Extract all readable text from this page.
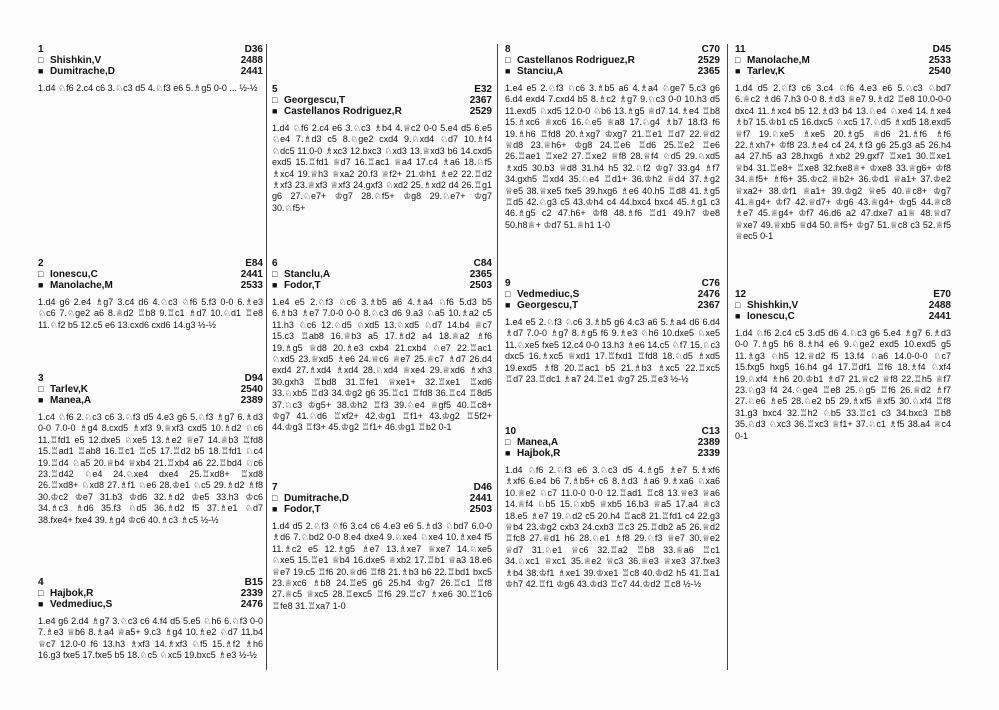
1	D36
□ Shishkin,V	2488
■ Dumitrache,D	2441
1.d4 ♘f6 2.c4 c6 3.♘c3 d5 4.♘f3 e6 5.♗g5 0-0 ... ½-½
2	E84
□ Ionescu,C	2441
■ Manolache,M	2533
1.d4 g6 2.e4 ♗g7 3.c4 d6 4.♘c3 ♘f6 5.f3 0-0 6.♗e3 ♘c6 7.♘ge2 a6 8.♕d2 ♖b8 9.♖c1 ♗d7 10.♘d1 ♖e8 11.♘f2 b5 12.c5 e6 13.cxd6 cxd6 14.g3 ½-½
3	D94
□ Tarlev,K	2540
■ Manea,A	2389
1.c4 ♘f6 2.♘c3 c6 3.♘f3 d5 4.e3 g6 5.♘f3 ♗g7 6.♗d3 0-0 7.0-0 ♗g4 8.cxd5 ♗xf3 9.♕xf3 cxd5 10.♗d2 ♘c6 11.♖fd1 e5 12.dxe5 ♘xe5 13.♗e2 ♕e7 14.♕b3 ♖fd8 15.♖ad1 ♖ab8 16.♖c1 ♖c5 17.♖d2 b5 18.♖fd1 ♘c4 19.♖d4 ♘a5 20.♕b4 ♕xb4 21.♖xb4 a6 22.♖bd4 ♘c6 23.♖d42 ♘e4 24.♘xe4 dxe4 25.♖xd8+ ♖xd8 26.♖xd8+ ♘xd8 27.♗f1 ♘e6 28.♔e1 ♘c5 29.♗d2 ♗f8 30.♔c2 ♔e7 31.b3 ♔d6 32.♗d2 ♔e5 33.h3 ♔c6 34.♗c3 ♗d6 35.f3 ♘d5 36.♗d2 f5 37.♗e1 ♘d7 38.fxe4+ fxe4 39.♗g4 ♔c6 40.♗c3 ♗c5 ½-½
4	B15
□ Hajbok,R	2339
■ Vedmediuc,S	2476
1.e4 g6 2.d4 ♗g7 3.♘c3 c6 4.f4 d5 5.e5 ♘h6 6.♘f3 0-0 7.♗e3 ♕b6 8.♗a4 ♕a5+ 9.c3 ♗g4 10.♗e2 ♘d7 11.b4 ♕c7 12.0-0 f6 13.h3 ♗xf3 14.♗xf3 ♘f5 15.♗f2 ♗h6 16.g3 fxe5 17.fxe5 b5 18.♘c5 ♘xc5 19.bxc5 ♗e3 ½-½
5	E32
□ Georgescu,T	2367
■ Castellanos Rodriguez,R	2529
1.d4 ♘f6 2.c4 e6 3.♘c3 ♗b4 4.♕c2 0-0 5.e4 d5 6.e5 ♘e4 7.♗d3 c5 8.♘ge2 cxd4 9.♘xd4 ♘d7 10.♗f4 ♘dc5 11.0-0 ♗xc3 12.bxc3 ♘xd3 13.♕xd3 b6 14.cxd5 exd5 15.♖fd1 ♕d7 16.♖ac1 ♕a4 17.c4 ♗a6 18.♘f5 ♗xc4 19.♕h3 ♕xa2 20.f3 ♕f2+ 21.♔h1 ♗e2 22.♖d2 ♗xf3 23.♕xf3 ♕xf3 24.gxf3 ♘xd2 25.♗xd2 d4 26.♖g1 g6 27.♘e7+ ♔g7 28.♘f5+ ♔g8 29.♘e7+ ♔g7 30.♘f5+
6	C84
□ Stanclu,A	2365
■ Fodor,T	2503
1.e4 e5 2.♘f3 ♘c6 3.♗b5 a6 4.♗a4 ♘f6 5.d3 b5 6.♗b3 ♗e7 7.0-0 0-0 8.♘c3 d6 9.a3 ♘a5 10.♗a2 c5 11.h3 ♘c6 12.♘d5 ♘xd5 13.♘xd5 ♘d7 14.b4 ♕c7 15.c3 ♖ab8 16.♕b3 a5 17.♗d2 a4 18.♕a2 ♗f6 19.♗g5 ♕d8 20.♗e3 cxb4 21.cxb4 ♘e7 22.♖ac1 ♘xd5 23.♕xd5 ♗e6 24.♕c6 ♕e7 25.♕c7 ♗d7 26.d4 exd4 27.♗xd4 ♗xd4 28.♘xd4 ♕xe4 29.♕xd6 ♗xh3 30.gxh3 ♖bd8 31.♖fe1 ♕xe1+ 32.♖xe1 ♖xd6 33.♘xb5 ♖d3 34.♔g2 g6 35.♖c1 ♖fd8 36.♖c4 ♖8d5 37.♘c3 ♔g5+ 38.♔h2 ♖f3 39.♘e4 ♕gf5 40.♖c8+ ♔g7 41.♘d6 ♖xf2+ 42.♔g1 ♖f1+ 43.♔g2 ♖5f2+ 44.♔g3 ♖f3+ 45.♔g2 ♖f1+ 46.♔g1 ♖b2 0-1
7	D46
□ Dumitrache,D	2441
■ Fodor,T	2503
1.d4 d5 2.♘f3 ♘f6 3.c4 c6 4.e3 e6 5.♗d3 ♘bd7 6.0-0 ♗d6 7.♘bd2 0-0 8.e4 dxe4 9.♘xe4 ♘xe4 10.♗xe4 f5 11.♗c2 e5 12.♗g5 ♗e7 13.♗xe7 ♕xe7 14.♘xe5 ♘xe5 15.♖e1 ♕b4 16.dxe5 ♕xb2 17.♖b1 ♕a3 18.e6 ♕e7 19.c5 ♖f6 20.♕d6 ♖f8 21.♗b3 b6 22.♖bd1 bxc5 23.♕xc6 ♗b8 24.♖e5 g6 25.h4 ♔g7 26.♖c1 ♖f8 27.♕c5 ♕xc5 28.♖exc5 ♖f6 29.♖c7 ♗xe6 30.♖1c6 ♖fe8 31.♖xa7 1-0
8	C70
□ Castellanos Rodriguez,R	2529
■ Stanciu,A	2365
1.e4 e5 2.♘f3 ♘c6 3.♗b5 a6 4.♗a4 ♘ge7 5.c3 g6 6.d4 exd4 7.cxd4 b5 8.♗c2 ♗g7 9.♘c3 0-0 10.h3 d5 11.exd5 ♘xd5 12.0-0 ♘b6 13.♗g5 ♕d7 14.♗e4 ♖b8 15.♗xc6 ♕xc6 16.♘e5 ♕a8 17.♘g4 ♗b7 18.f3 f6 19.♗h6 ♖fd8 20.♗xg7 ♔xg7 21.♖e1 ♖d7 22.♕d2 ♕d8 23.♕h6+ ♔g8 24.♖e6 ♖d6 25.♖e2 ♖e6 26.♖ae1 ♖xe2 27.♖xe2 ♕f8 28.♕f4 ♘d5 29.♘xd5 ♗xd5 30.b3 ♕d8 31.h4 h5 32.♘f2 ♔g7 33.g4 ♗f7 34.gxh5 ♖xd4 35.♘e4 ♖d1+ 36.♔h2 ♕d4 37.♗g2 ♕e5 38.♕xe5 fxe5 39.hxg6 ♗e6 40.h5 ♖d8 41.♗g5 ♖d5 42.♘g3 c5 43.♔h4 c4 44.bxc4 bxc4 45.♗g1 c3 46.♗g5 c2 47.h6+ ♔f8 48.♗f6 ♖d1 49.h7 ♔e8 50.h8♕+ ♔d7 51.♕h1 1-0
9	C76
□ Vedmediuc,S	2476
■ Georgescu,T	2367
1.e4 e5 2.♘f3 ♘c6 3.♗b5 g6 4.c3 a6 5.♗a4 d6 6.d4 ♗d7 7.0-0 ♗g7 8.♗g5 f6 9.♗e3 ♘h6 10.dxe5 ♘xe5 11.♘xe5 fxe5 12.c4 0-0 13.h3 ♗e6 14.c5 ♘f7 15.♘c3 dxc5 16.♗xc5 ♕xd1 17.♖fxd1 ♖fd8 18.♘d5 ♗xd5 19.exd5 ♗f8 20.♖ac1 b5 21.♗b3 ♗xc5 22.♖xc5 ♖d7 23.♖dc1 ♗a7 24.♖e1 ♔g7 25.♖e3 ½-½
10	C13
□ Manea,A	2389
■ Hajbok,R	2339
1.d4 ♘f6 2.♘f3 e6 3.♘c3 d5 4.♗g5 ♗e7 5.♗xf6 ♗xf6 6.e4 b6 7.♗b5+ c6 8.♗d3 ♗a6 9.♗xa6 ♘xa6 10.♕e2 ♘c7 11.0-0 0-0 12.♖ad1 ♖c8 13.♕e3 ♕a6 14.♕f4 ♘b5 15.♘xb5 ♕xb5 16.b3 ♕a5 17.a4 ♕c3 18.e5 ♗e7 19.♘d2 c5 20.h4 ♖ac8 21.♖fd1 c4 22.g3 ♕b4 23.♔g2 cxb3 24.cxb3 ♖c3 25.♖db2 a5 26.♕d2 ♖fc8 27.♕d1 h6 28.♘e1 ♗f8 29.♘f3 ♕e7 30.♕e2 ♕d7 31.♘e1 ♕c6 32.♖a2 ♖b8 33.♕a6 ♖c1 34.♘xc1 ♕xc1 35.♕e2 ♕c3 36.♕e3 ♕xe3 37.fxe3 ♗b4 38.♔f1 ♗xe1 39.♔xe1 ♖c8 40.♔d2 h5 41.♖a1 ♔h7 42.♖f1 ♔g6 43.♔d3 ♖c7 44.♔d2 ♖c8 ½-½
11	D45
□ Manolache,M	2533
■ Tarlev,K	2540
1.d4 d5 2.♘f3 c6 3.c4 ♘f6 4.e3 e6 5.♘c3 ♘bd7 6.♕c2 ♗d6 7.h3 0-0 8.♗d3 ♕e7 9.♗d2 ♖e8 10.0-0-0 dxc4 11.♗xc4 b5 12.♗d3 b4 13.♘e4 ♘xe4 14.♗xe4 ♗b7 15.♔b1 c5 16.dxc5 ♘xc5 17.♘d5 ♗xd5 18.exd5 ♕f7 19.♘xe5 ♗xe5 20.♗g5 ♕d6 21.♗f6 ♗f6 22.♗xh7+ ♔f8 23.♗e4 c4 24.♗f3 g6 25.g3 a5 26.h4 a4 27.h5 a3 28.hxg6 ♗xb2 29.gxf7 ♖xe1 30.♖xe1 ♕b4 31.♖e8+ ♖xe8 32.fxe8♕+ ♔xe8 33.♕g6+ ♔f8 34.♕f5+ ♗f6+ 35.♔c2 ♕b2+ 36.♔d1 ♕a1+ 37.♔e2 ♕xa2+ 38.♔f1 ♕a1+ 39.♔g2 ♕e5 40.♕c8+ ♔g7 41.♕g4+ ♔f7 42.♕d7+ ♔g6 43.♕g4+ ♔g5 44.♕c8 ♗e7 45.♕g4+ ♔f7 46.d6 a2 47.dxe7 a1♕ 48.♕d7 ♕xe7 49.♕xb5 ♕d4 50.♕f5+ ♔g7 51.♕c8 c3 52.♕f5 ♕ec5 0-1
12	E70
□ Shishkin,V	2488
■ Ionescu,C	2441
1.d4 ♘f6 2.c4 c5 3.d5 d6 4.♘c3 g6 5.e4 ♗g7 6.♗d3 0-0 7.♗g5 h6 8.♗h4 e6 9.♘ge2 exd5 10.exd5 g5 11.♗g3 ♘h5 12.♕d2 f5 13.f4 ♘a6 14.0-0-0 ♘c7 15.fxg5 hxg5 16.h4 g4 17.♖df1 ♖f6 18.♗f4 ♘xf4 19.♘xf4 ♗h6 20.♔b1 ♗d7 21.♕c2 ♕f8 22.♖h5 ♕f7 23.♘g3 f4 24.♘ge4 ♖e8 25.♘g5 ♖f6 26.♕d2 ♗f7 27.♘e6 ♗e5 28.♘e2 b5 29.♗xf5 ♕xf5 30.♘xf4 ♖f8 31.g3 bxc4 32.♖h2 ♘b5 33.♖c1 c3 34.bxc3 ♖b8 35.♘d3 ♘xc3 36.♖xc3 ♕f1+ 37.♘c1 ♗f5 38.a4 ♕c4 0-1
